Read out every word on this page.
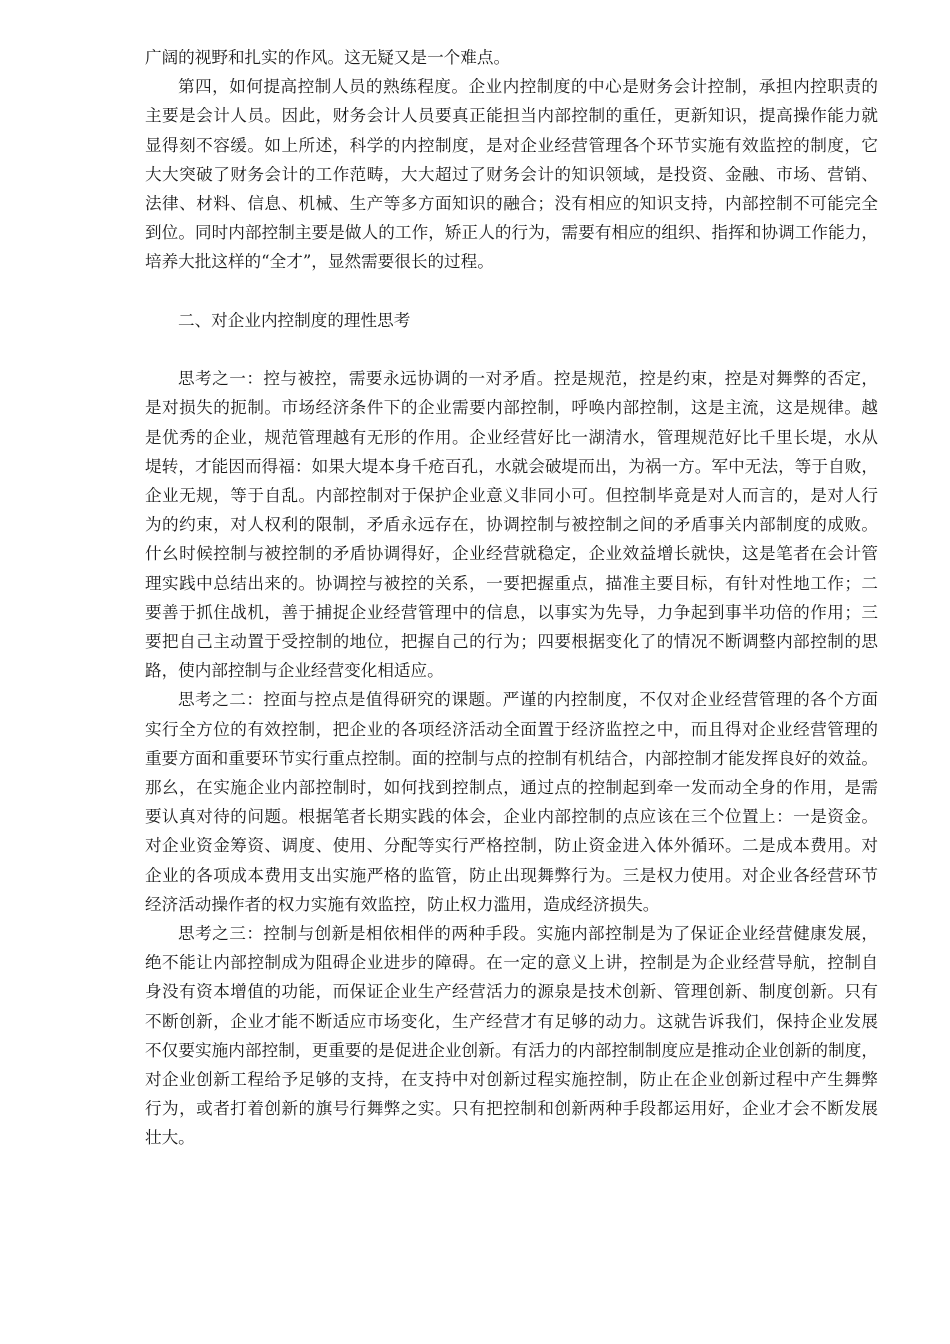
广阔的视野和扎实的作风。这无疑又是一个难点。

第四，如何提高控制人员的熟练程度。企业内控制度的中心是财务会计控制，承担内控职责的

主要是会计人员。因此，财务会计人员要真正能担当内部控制的重任，更新知识，提高操作能力就

显得刻不容缓。如上所述，科学的内控制度，是对企业经营管理各个环节实施有效监控的制度，它

大大突破了财务会计的工作范畴，大大超过了财务会计的知识领域，是投资、金融、市场、营销、

法律、材料、信息、机械、生产等多方面知识的融合；没有相应的知识支持，内部控制不可能完全

到位。同时内部控制主要是做人的工作，矫正人的行为，需要有相应的组织、指挥和协调工作能力，

培养大批这样的“全才”，显然需要很长的过程。

二、对企业内控制度的理性思考

思考之一：控与被控，需要永远协调的一对矛盾。控是规范，控是约束，控是对舞弊的否定，

是对损失的扼制。市场经济条件下的企业需要内部控制，呼唤内部控制，这是主流，这是规律。越

是优秀的企业，规范管理越有无形的作用。企业经营好比一湖清水，管理规范好比千里长堤，水从

堤转，才能因而得福：如果大堤本身千疮百孔，水就会破堤而出，为祸一方。军中无法，等于自败，

企业无规，等于自乱。内部控制对于保护企业意义非同小可。但控制毕竟是对人而言的，是对人行

为的约束，对人权利的限制，矛盾永远存在，协调控制与被控制之间的矛盾事关内部制度的成败。

什幺时候控制与被控制的矛盾协调得好，企业经营就稳定，企业效益增长就快，这是笔者在会计管

理实践中总结出来的。协调控与被控的关系，一要把握重点，描准主要目标，有针对性地工作；二

要善于抓住战机，善于捕捉企业经营管理中的信息，以事实为先导，力争起到事半功倍的作用；三

要把自己主动置于受控制的地位，把握自己的行为；四要根据变化了的情况不断调整内部控制的思

路，使内部控制与企业经营变化相适应。

思考之二：控面与控点是值得研究的课题。严谨的内控制度，不仅对企业经营管理的各个方面

实行全方位的有效控制，把企业的各项经济活动全面置于经济监控之中，而且得对企业经营管理的

重要方面和重要环节实行重点控制。面的控制与点的控制有机结合，内部控制才能发挥良好的效益。

那幺，在实施企业内部控制时，如何找到控制点，通过点的控制起到牵一发而动全身的作用，是需

要认真对待的问题。根据笔者长期实践的体会，企业内部控制的点应该在三个位置上：一是资金。

对企业资金筹资、调度、使用、分配等实行严格控制，防止资金进入体外循环。二是成本费用。对

企业的各项成本费用支出实施严格的监管，防止出现舞弊行为。三是权力使用。对企业各经营环节

经济活动操作者的权力实施有效监控，防止权力滥用，造成经济损失。

思考之三：控制与创新是相依相伴的两种手段。实施内部控制是为了保证企业经营健康发展，

绝不能让内部控制成为阻碍企业进步的障碍。在一定的意义上讲，控制是为企业经营导航，控制自

身没有资本增值的功能，而保证企业生产经营活力的源泉是技术创新、管理创新、制度创新。只有

不断创新，企业才能不断适应市场变化，生产经营才有足够的动力。这就告诉我们，保持企业发展

不仅要实施内部控制，更重要的是促进企业创新。有活力的内部控制制度应是推动企业创新的制度，

对企业创新工程给予足够的支持，在支持中对创新过程实施控制，防止在企业创新过程中产生舞弊

行为，或者打着创新的旗号行舞弊之实。只有把控制和创新两种手段都运用好，企业才会不断发展

壮大。
